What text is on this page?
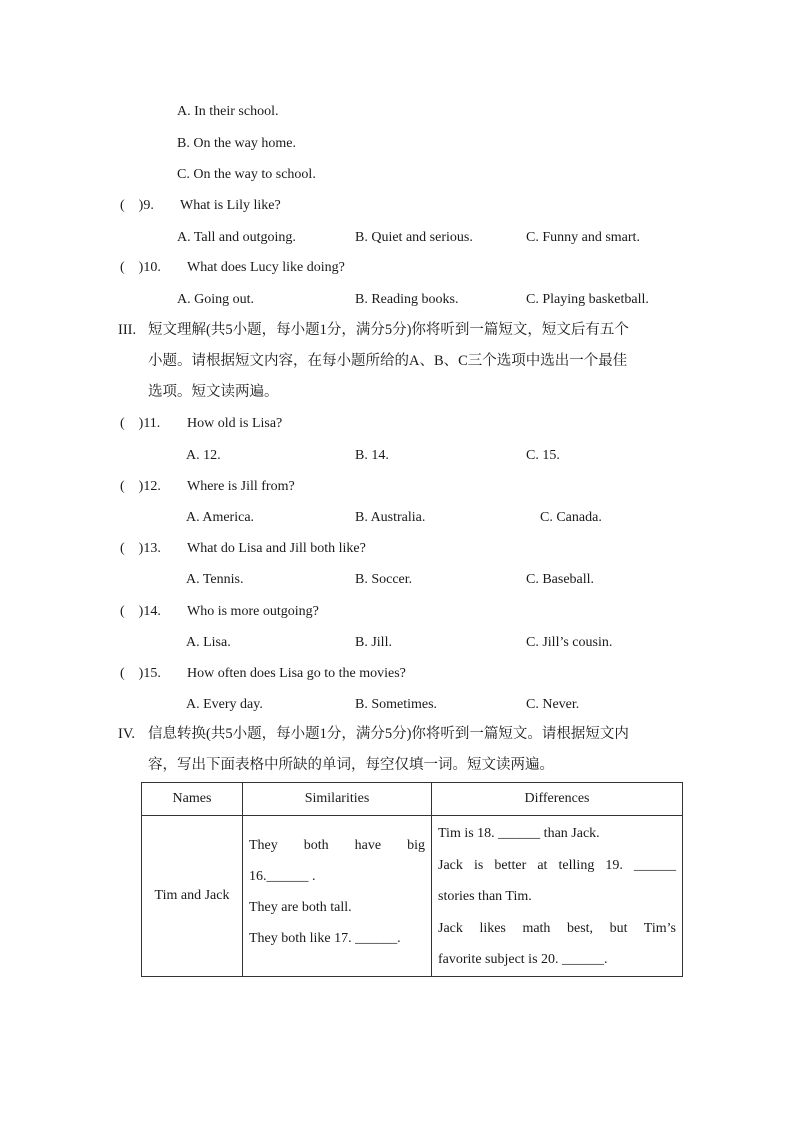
A. In their school.
B. On the way home.
C. On the way to school.
(    )9. What is Lily like?
A. Tall and outgoing.	B. Quiet and serious.	C. Funny and smart.
(    )10. What does Lucy like doing?
A. Going out.	B. Reading books.	C. Playing basketball.
III. 短文理解(共5小题，每小题1分，满分5分)你将听到一篇短文，短文后有五个
小题。请根据短文内容，在每小题所给的A、B、C三个选项中选出一个最佳
选项。短文读两遍。
(    )11. How old is Lisa?
A. 12.	B. 14.	C. 15.
(    )12. Where is Jill from?
A. America.	B. Australia.	C. Canada.
(    )13. What do Lisa and Jill both like?
A. Tennis.	B. Soccer.	C. Baseball.
(    )14. Who is more outgoing?
A. Lisa.	B. Jill.	C. Jill’s cousin.
(    )15. How often does Lisa go to the movies?
A. Every day.	B. Sometimes.	C. Never.
IV. 信息转换(共5小题，每小题1分，满分5分)你将听到一篇短文。请根据短文内
容，写出下面表格中所缺的单词，每空仅填一词。短文读两遍。
Names	Similarities	Differences
Tim and Jack	They both have big
16.______ .
They are both tall.
They both like 17. ______.	Tim is 18. ______ than Jack.
Jack is better at telling 19. ______
stories than Tim.
Jack likes math best, but Tim’s
favorite subject is 20. ______.
